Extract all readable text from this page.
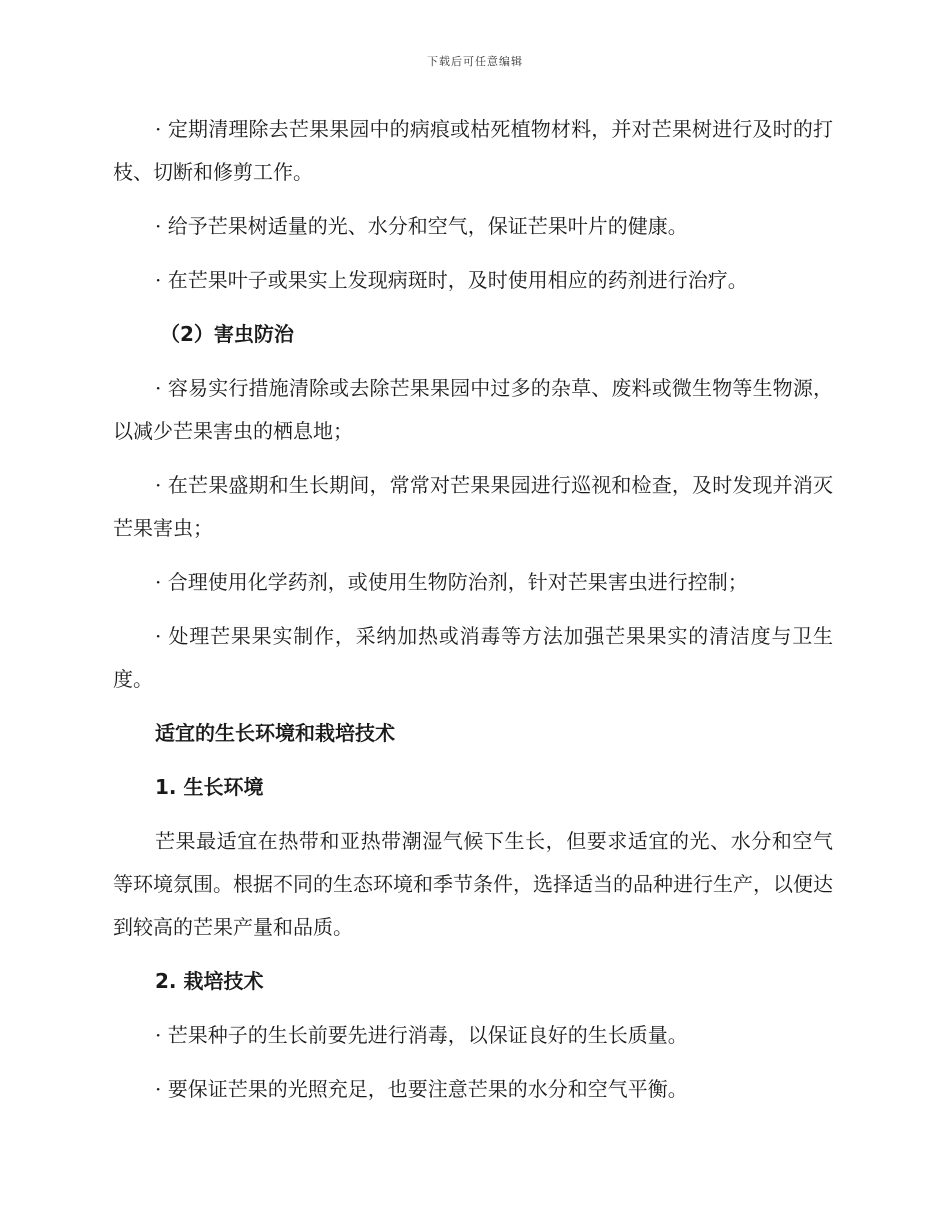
下载后可任意编辑

· 定期清理除去芒果果园中的病痕或枯死植物材料，并对芒果树进行及时的打枝、切断和修剪工作。

· 给予芒果树适量的光、水分和空气，保证芒果叶片的健康。

· 在芒果叶子或果实上发现病斑时，及时使用相应的药剂进行治疗。

（2）害虫防治

· 容易实行措施清除或去除芒果果园中过多的杂草、废料或微生物等生物源，以减少芒果害虫的栖息地；

· 在芒果盛期和生长期间，常常对芒果果园进行巡视和检查，及时发现并消灭芒果害虫；

· 合理使用化学药剂，或使用生物防治剂，针对芒果害虫进行控制；

· 处理芒果果实制作，采纳加热或消毒等方法加强芒果果实的清洁度与卫生度。

适宜的生长环境和栽培技术
1. 生长环境

芒果最适宜在热带和亚热带潮湿气候下生长，但要求适宜的光、水分和空气等环境氛围。根据不同的生态环境和季节条件，选择适当的品种进行生产，以便达到较高的芒果产量和品质。

2. 栽培技术

· 芒果种子的生长前要先进行消毒，以保证良好的生长质量。

· 要保证芒果的光照充足，也要注意芒果的水分和空气平衡。
